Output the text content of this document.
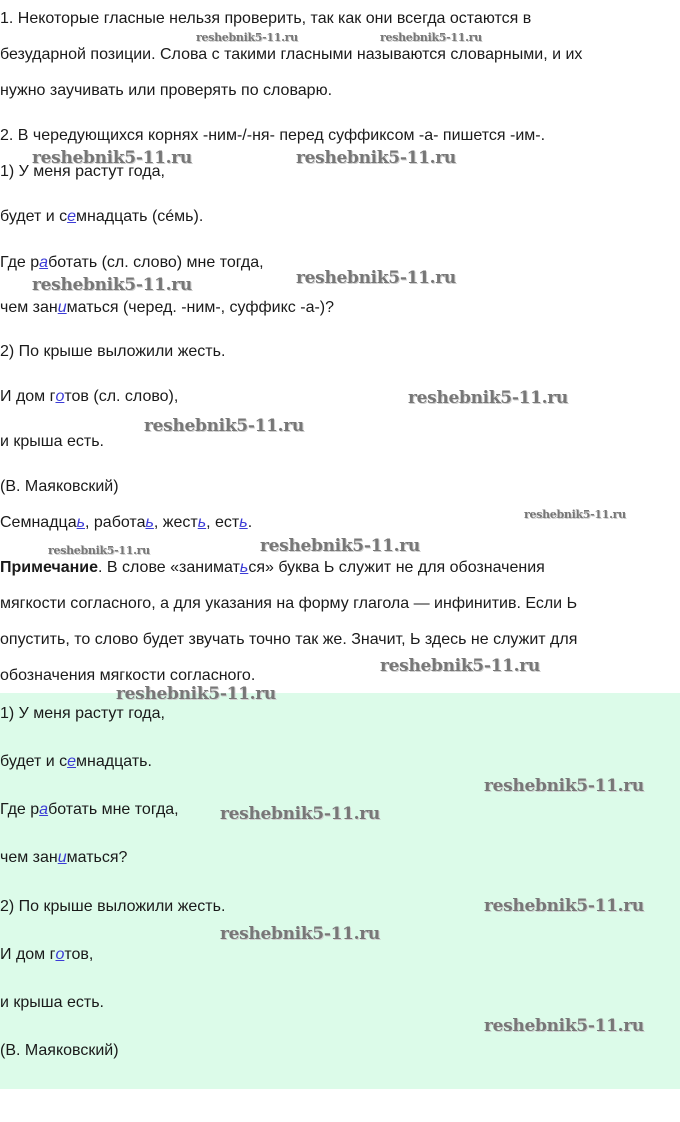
1. Некоторые гласные нельзя проверить, так как они всегда остаются в
безударной позиции. Слова с такими гласными называются словарными, и их
нужно заучивать или проверять по словарю.
2. В чередующихся корнях -ним-/-ня- перед суффиксом -а- пишется -им-.
1) У меня растут года,
будет и семнадцать (сéмь).
Где работать (сл. слово) мне тогда,
чем заниматься (черед. -ним-, суффикс -а-)?
2) По крыше выложили жесть.
И дом готов (сл. слово),
и крыша есть.
(В. Маяковский)
Семнадцаь, работаь, жесть, есть.
Примечание. В слове «заниматься» буква Ь служит не для обозначения
мягкости согласного, а для указания на форму глагола — инфинитив. Если Ь
опустить, то слово будет звучать точно так же. Значит, Ь здесь не служит для
обозначения мягкости согласного.
1) У меня растут года,
будет и семнадцать.
Где работать мне тогда,
чем заниматься?
2) По крыше выложили жесть.
И дом готов,
и крыша есть.
(В. Маяковский)
reshebnik5-11.ru	reshebnik5-11.ru
reshebnik5-11.ru	reshebnik5-11.ru
reshebnik5-11.ru	reshebnik5-11.ru
reshebnik5-11.ru
reshebnik5-11.ru
reshebnik5-11.ru
reshebnik5-11.ru	reshebnik5-11.ru
reshebnik5-11.ru
reshebnik5-11.ru
reshebnik5-11.ru
reshebnik5-11.ru
reshebnik5-11.ru
reshebnik5-11.ru
reshebnik5-11.ru
